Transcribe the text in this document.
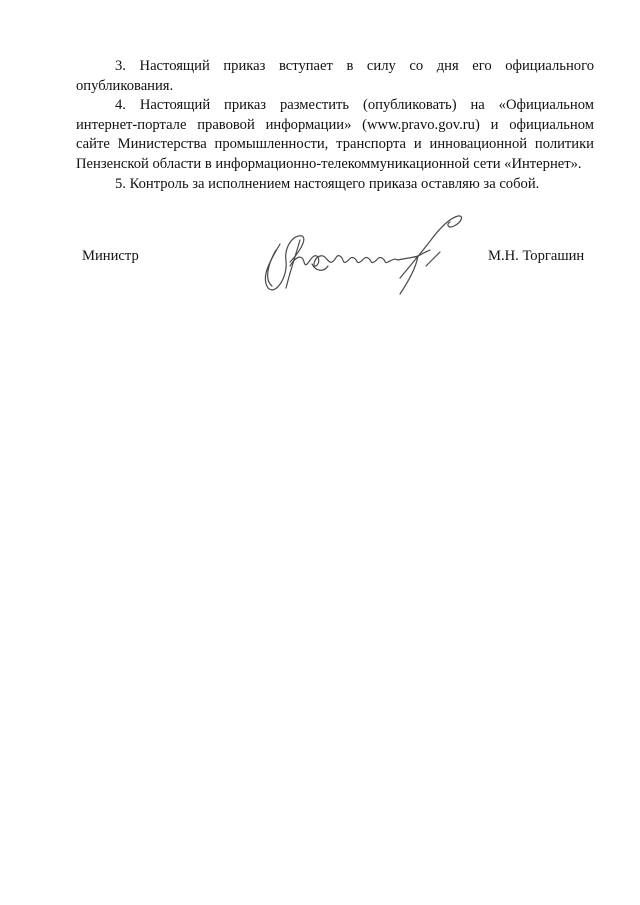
3. Настоящий приказ вступает в силу со дня его официального опубликования.

4. Настоящий приказ разместить (опубликовать) на «Официальном интернет-портале правовой информации» (www.pravo.gov.ru) и официальном сайте Министерства промышленности, транспорта и инновационной политики Пензенской области в информационно-телекоммуникационной сети «Интернет».

5. Контроль за исполнением настоящего приказа оставляю за собой.

Министр	М.Н. Торгашин
